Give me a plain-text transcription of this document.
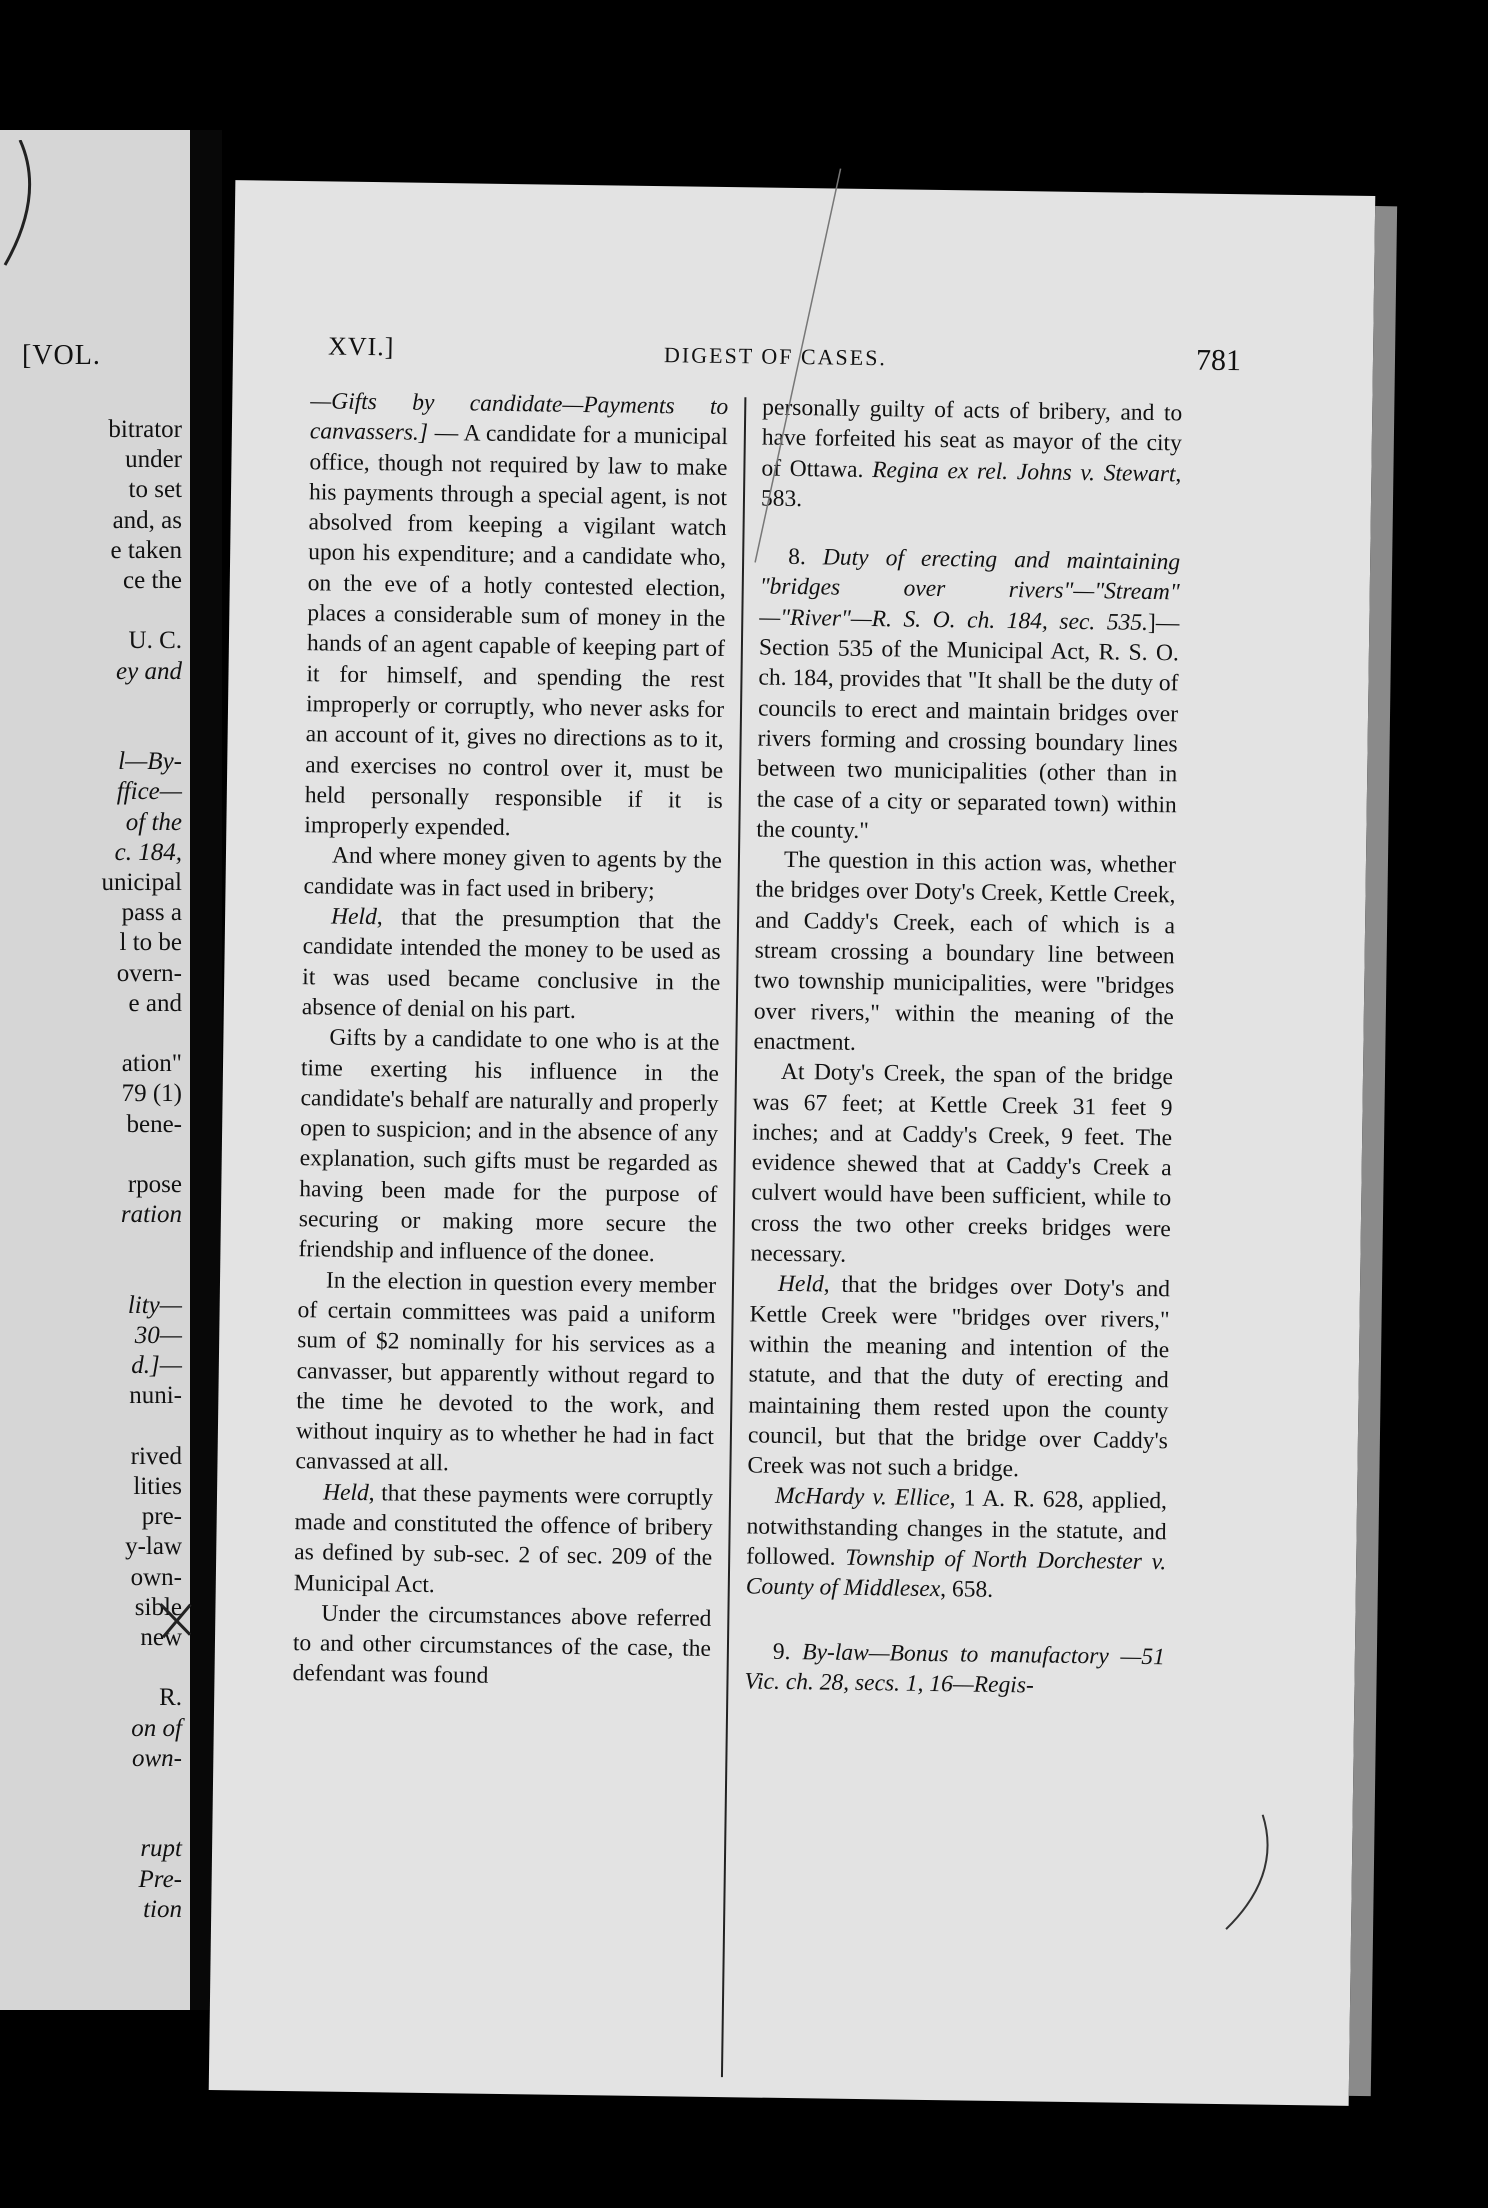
[VOL.
bitrator
under
to set
and, as
e taken
ce the
U. C.
ey and
l—By-
ffice—
of the
c. 184,
unicipal
pass a
l to be
overn-
e and
ation"
79 (1)
bene-
rpose
ration
lity—
30—
d.]—
nuni-
rived
lities
pre-
y-law
own-
sible
new
R.
on of
own-
rupt
Pre-
tion
XVI.]	DIGEST OF CASES.	781

—Gifts by candidate—Payments to canvassers.] — A candidate for a municipal office, though not required by law to make his payments through a special agent, is not absolved from keeping a vigilant watch upon his expenditure; and a candidate who, on the eve of a hotly contested election, places a considerable sum of money in the hands of an agent capable of keeping part of it for himself, and spending the rest improperly or corruptly, who never asks for an account of it, gives no directions as to it, and exercises no control over it, must be held personally responsible if it is improperly expended.

And where money given to agents by the candidate was in fact used in bribery;

Held, that the presumption that the candidate intended the money to be used as it was used became conclusive in the absence of denial on his part.

Gifts by a candidate to one who is at the time exerting his influence in the candidate's behalf are naturally and properly open to suspicion; and in the absence of any explanation, such gifts must be regarded as having been made for the purpose of securing or making more secure the friendship and influence of the donee.

In the election in question every member of certain committees was paid a uniform sum of $2 nominally for his services as a canvasser, but apparently without regard to the time he devoted to the work, and without inquiry as to whether he had in fact canvassed at all.

Held, that these payments were corruptly made and constituted the offence of bribery as defined by sub-sec. 2 of sec. 209 of the Municipal Act.

Under the circumstances above referred to and other circumstances of the case, the defendant was found

personally guilty of acts of bribery, and to have forfeited his seat as mayor of the city of Ottawa. Regina ex rel. Johns v. Stewart, 583.

8. Duty of erecting and maintaining "bridges over rivers"—"Stream" —"River"—R. S. O. ch. 184, sec. 535.]—Section 535 of the Municipal Act, R. S. O. ch. 184, provides that "It shall be the duty of councils to erect and maintain bridges over rivers forming and crossing boundary lines between two municipalities (other than in the case of a city or separated town) within the county."

The question in this action was, whether the bridges over Doty's Creek, Kettle Creek, and Caddy's Creek, each of which is a stream crossing a boundary line between two township municipalities, were "bridges over rivers," within the meaning of the enactment.

At Doty's Creek, the span of the bridge was 67 feet; at Kettle Creek 31 feet 9 inches; and at Caddy's Creek, 9 feet. The evidence shewed that at Caddy's Creek a culvert would have been sufficient, while to cross the two other creeks bridges were necessary.

Held, that the bridges over Doty's and Kettle Creek were "bridges over rivers," within the meaning and intention of the statute, and that the duty of erecting and maintaining them rested upon the county council, but that the bridge over Caddy's Creek was not such a bridge.

McHardy v. Ellice, 1 A. R. 628, applied, notwithstanding changes in the statute, and followed. Township of North Dorchester v. County of Middlesex, 658.

9. By-law—Bonus to manufactory —51 Vic. ch. 28, secs. 1, 16—Regis-
